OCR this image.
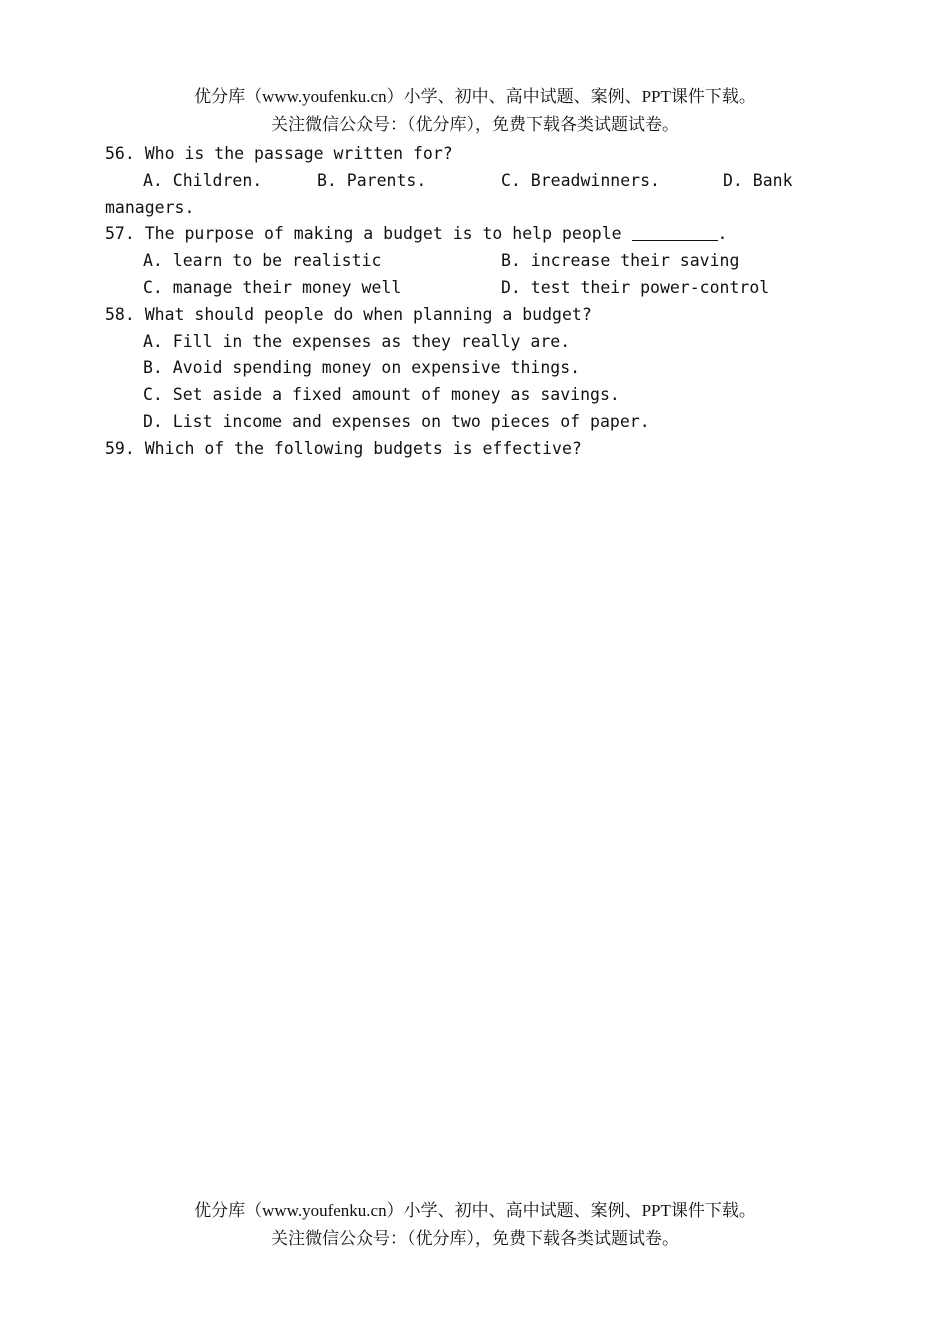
优分库（www.youfenku.cn）小学、初中、高中试题、案例、PPT课件下载。
关注微信公众号：（优分库），免费下载各类试题试卷。
56. Who is the passage written for?
A. Children.	B. Parents.	C. Breadwinners.	D. Bank
managers.
57. The purpose of making a budget is to help people	.
A. learn to be realistic	B. increase their saving
C. manage their money well	D. test their power-control
58. What should people do when planning a budget?
A. Fill in the expenses as they really are.
B. Avoid spending money on expensive things.
C. Set aside a fixed amount of money as savings.
D. List income and expenses on two pieces of paper.
59. Which of the following budgets is effective?
优分库（www.youfenku.cn）小学、初中、高中试题、案例、PPT课件下载。
关注微信公众号：（优分库），免费下载各类试题试卷。
